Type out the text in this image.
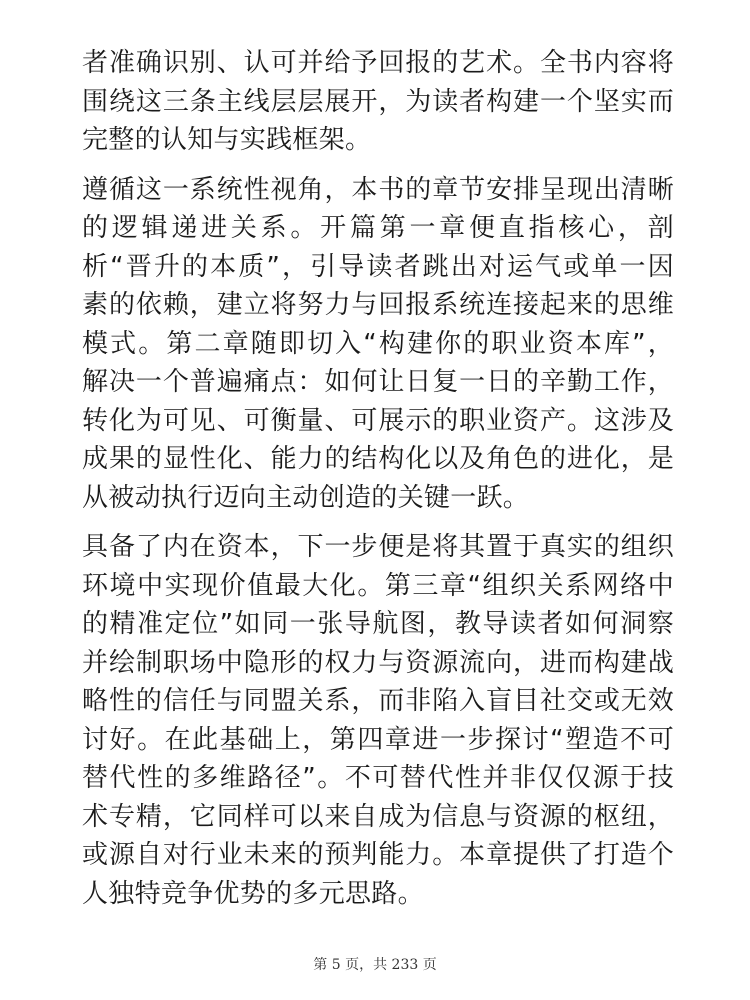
者准确识别、认可并给予回报的艺术。全书内容将
围绕这三条主线层层展开，为读者构建一个坚实而
完整的认知与实践框架。
遵循这一系统性视角，本书的章节安排呈现出清晰
的逻辑递进关系。开篇第一章便直指核心，剖
析“晋升的本质”，引导读者跳出对运气或单一因
素的依赖，建立将努力与回报系统连接起来的思维
模式。第二章随即切入“构建你的职业资本库”，
解决一个普遍痛点：如何让日复一日的辛勤工作，
转化为可见、可衡量、可展示的职业资产。这涉及
成果的显性化、能力的结构化以及角色的进化，是
从被动执行迈向主动创造的关键一跃。
具备了内在资本，下一步便是将其置于真实的组织
环境中实现价值最大化。第三章“组织关系网络中
的精准定位”如同一张导航图，教导读者如何洞察
并绘制职场中隐形的权力与资源流向，进而构建战
略性的信任与同盟关系，而非陷入盲目社交或无效
讨好。在此基础上，第四章进一步探讨“塑造不可
替代性的多维路径”。不可替代性并非仅仅源于技
术专精，它同样可以来自成为信息与资源的枢纽，
或源自对行业未来的预判能力。本章提供了打造个
人独特竞争优势的多元思路。
第 5 页，共 233 页
